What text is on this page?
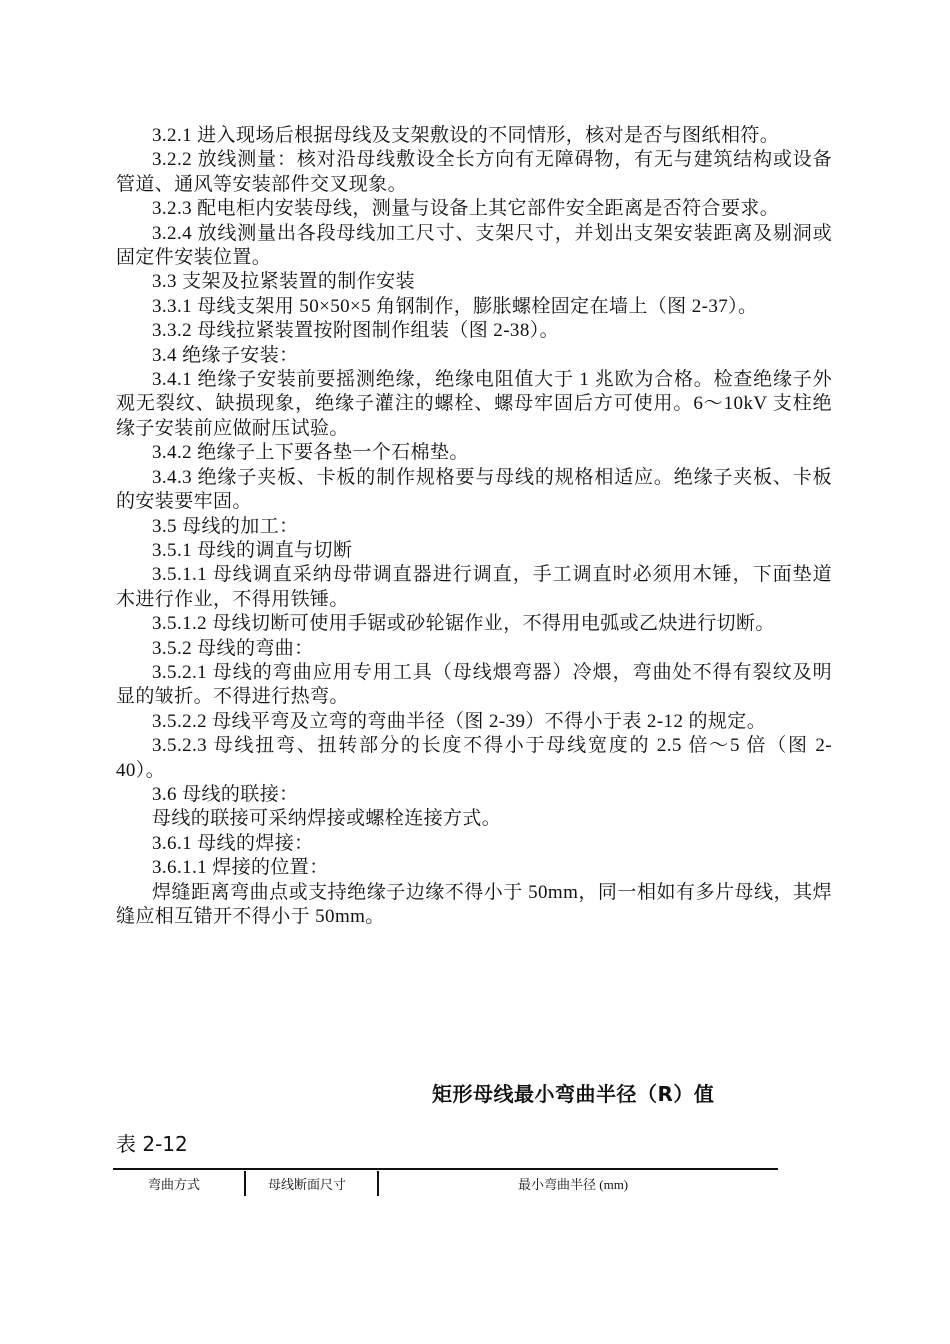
3.2.1 进入现场后根据母线及支架敷设的不同情形，核对是否与图纸相符。

3.2.2 放线测量：核对沿母线敷设全长方向有无障碍物，有无与建筑结构或设备管道、通风等安装部件交叉现象。

3.2.3 配电柜内安装母线，测量与设备上其它部件安全距离是否符合要求。

3.2.4 放线测量出各段母线加工尺寸、支架尺寸，并划出支架安装距离及剔洞或固定件安装位置。

3.3 支架及拉紧装置的制作安装

3.3.1 母线支架用 50×50×5 角钢制作，膨胀螺栓固定在墙上（图 2-37）。

3.3.2 母线拉紧装置按附图制作组装（图 2-38）。

3.4 绝缘子安装：

3.4.1 绝缘子安装前要摇测绝缘，绝缘电阻值大于 1 兆欧为合格。检查绝缘子外观无裂纹、缺损现象，绝缘子灌注的螺栓、螺母牢固后方可使用。6～10kV 支柱绝缘子安装前应做耐压试验。

3.4.2 绝缘子上下要各垫一个石棉垫。

3.4.3 绝缘子夹板、卡板的制作规格要与母线的规格相适应。绝缘子夹板、卡板的安装要牢固。

3.5 母线的加工：

3.5.1 母线的调直与切断

3.5.1.1 母线调直采纳母带调直器进行调直，手工调直时必须用木锤，下面垫道木进行作业，不得用铁锤。

3.5.1.2 母线切断可使用手锯或砂轮锯作业，不得用电弧或乙炔进行切断。

3.5.2 母线的弯曲：

3.5.2.1 母线的弯曲应用专用工具（母线煨弯器）冷煨，弯曲处不得有裂纹及明显的皱折。不得进行热弯。

3.5.2.2 母线平弯及立弯的弯曲半径（图 2-39）不得小于表 2-12 的规定。

3.5.2.3 母线扭弯、扭转部分的长度不得小于母线宽度的 2.5 倍～5 倍（图 2-40）。

3.6 母线的联接：

母线的联接可采纳焊接或螺栓连接方式。

3.6.1 母线的焊接：

3.6.1.1 焊接的位置：

焊缝距离弯曲点或支持绝缘子边缘不得小于 50mm，同一相如有多片母线，其焊缝应相互错开不得小于 50mm。

矩形母线最小弯曲半径（R）值
表 2-12
弯曲方式	母线断面尺寸	最小弯曲半径 (mm)
